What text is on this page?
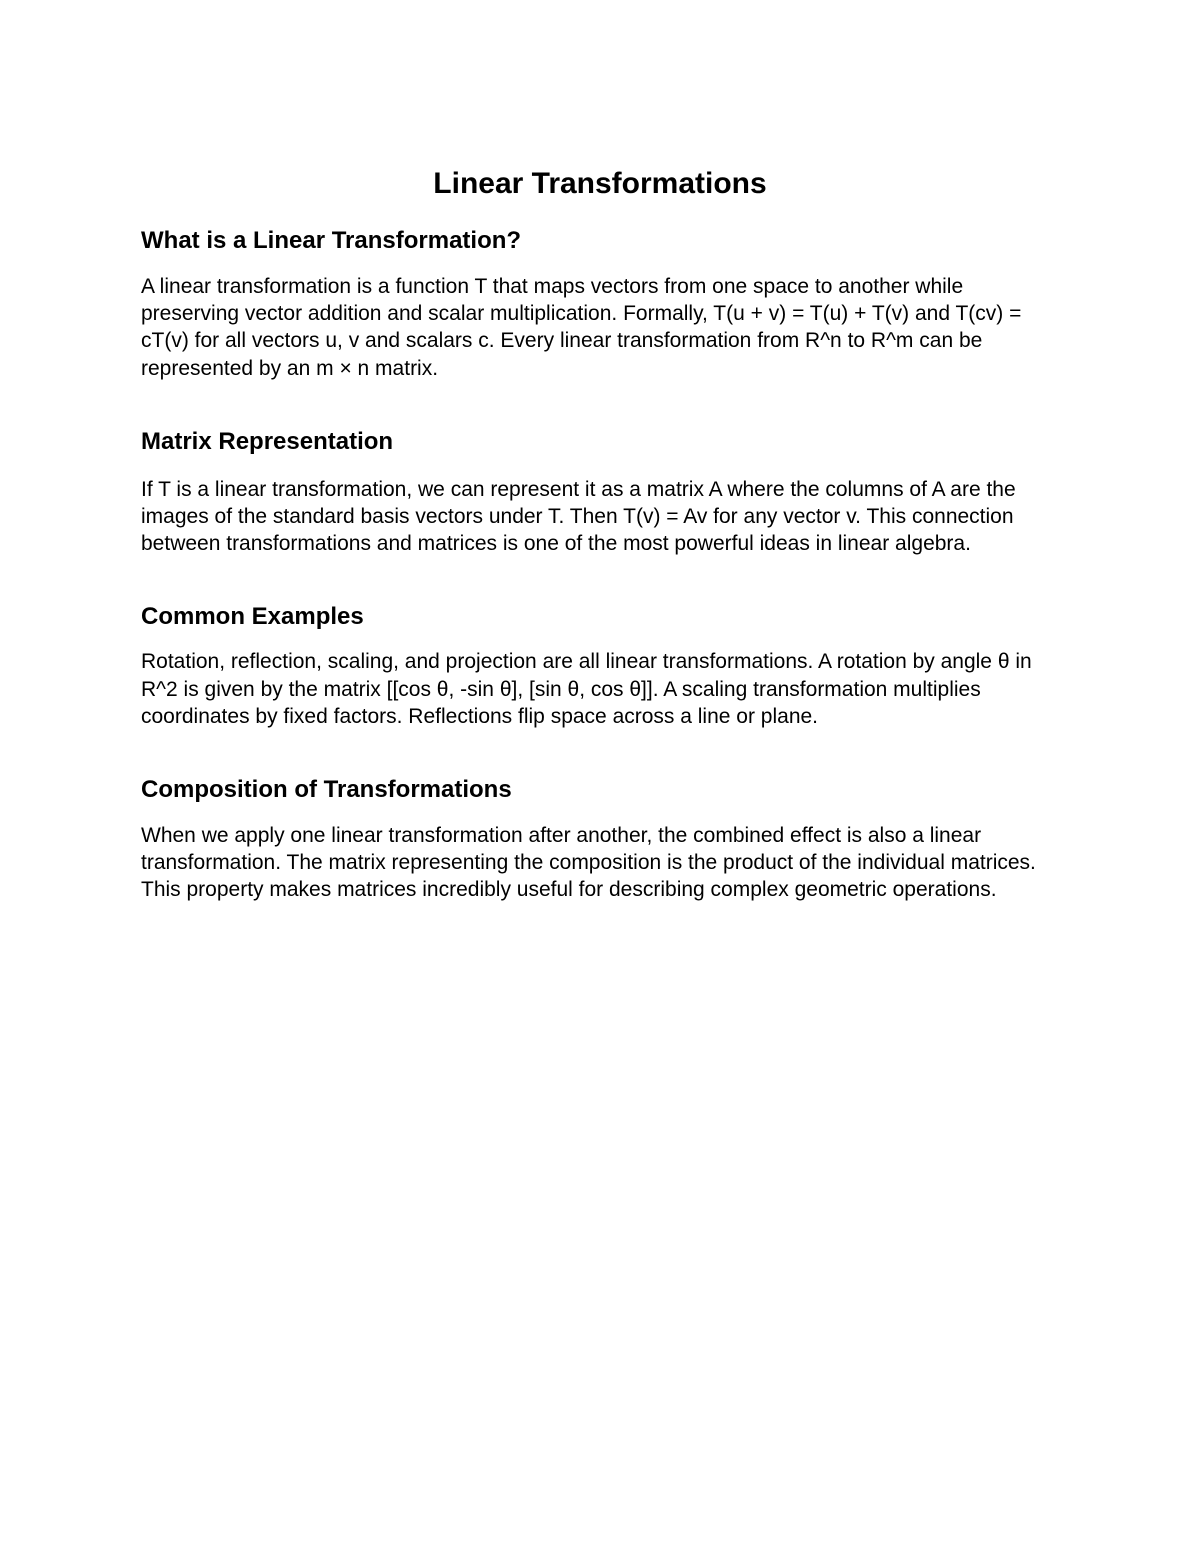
Linear Transformations
What is a Linear Transformation?

A linear transformation is a function T that maps vectors from one space to another while preserving vector addition and scalar multiplication. Formally, T(u + v) = T(u) + T(v) and T(cv) = cT(v) for all vectors u, v and scalars c. Every linear transformation from R^n to R^m can be represented by an m × n matrix.

Matrix Representation

If T is a linear transformation, we can represent it as a matrix A where the columns of A are the images of the standard basis vectors under T. Then T(v) = Av for any vector v. This connection between transformations and matrices is one of the most powerful ideas in linear algebra.

Common Examples

Rotation, reflection, scaling, and projection are all linear transformations. A rotation by angle θ in R^2 is given by the matrix [[cos θ, -sin θ], [sin θ, cos θ]]. A scaling transformation multiplies coordinates by fixed factors. Reflections flip space across a line or plane.

Composition of Transformations

When we apply one linear transformation after another, the combined effect is also a linear transformation. The matrix representing the composition is the product of the individual matrices. This property makes matrices incredibly useful for describing complex geometric operations.
